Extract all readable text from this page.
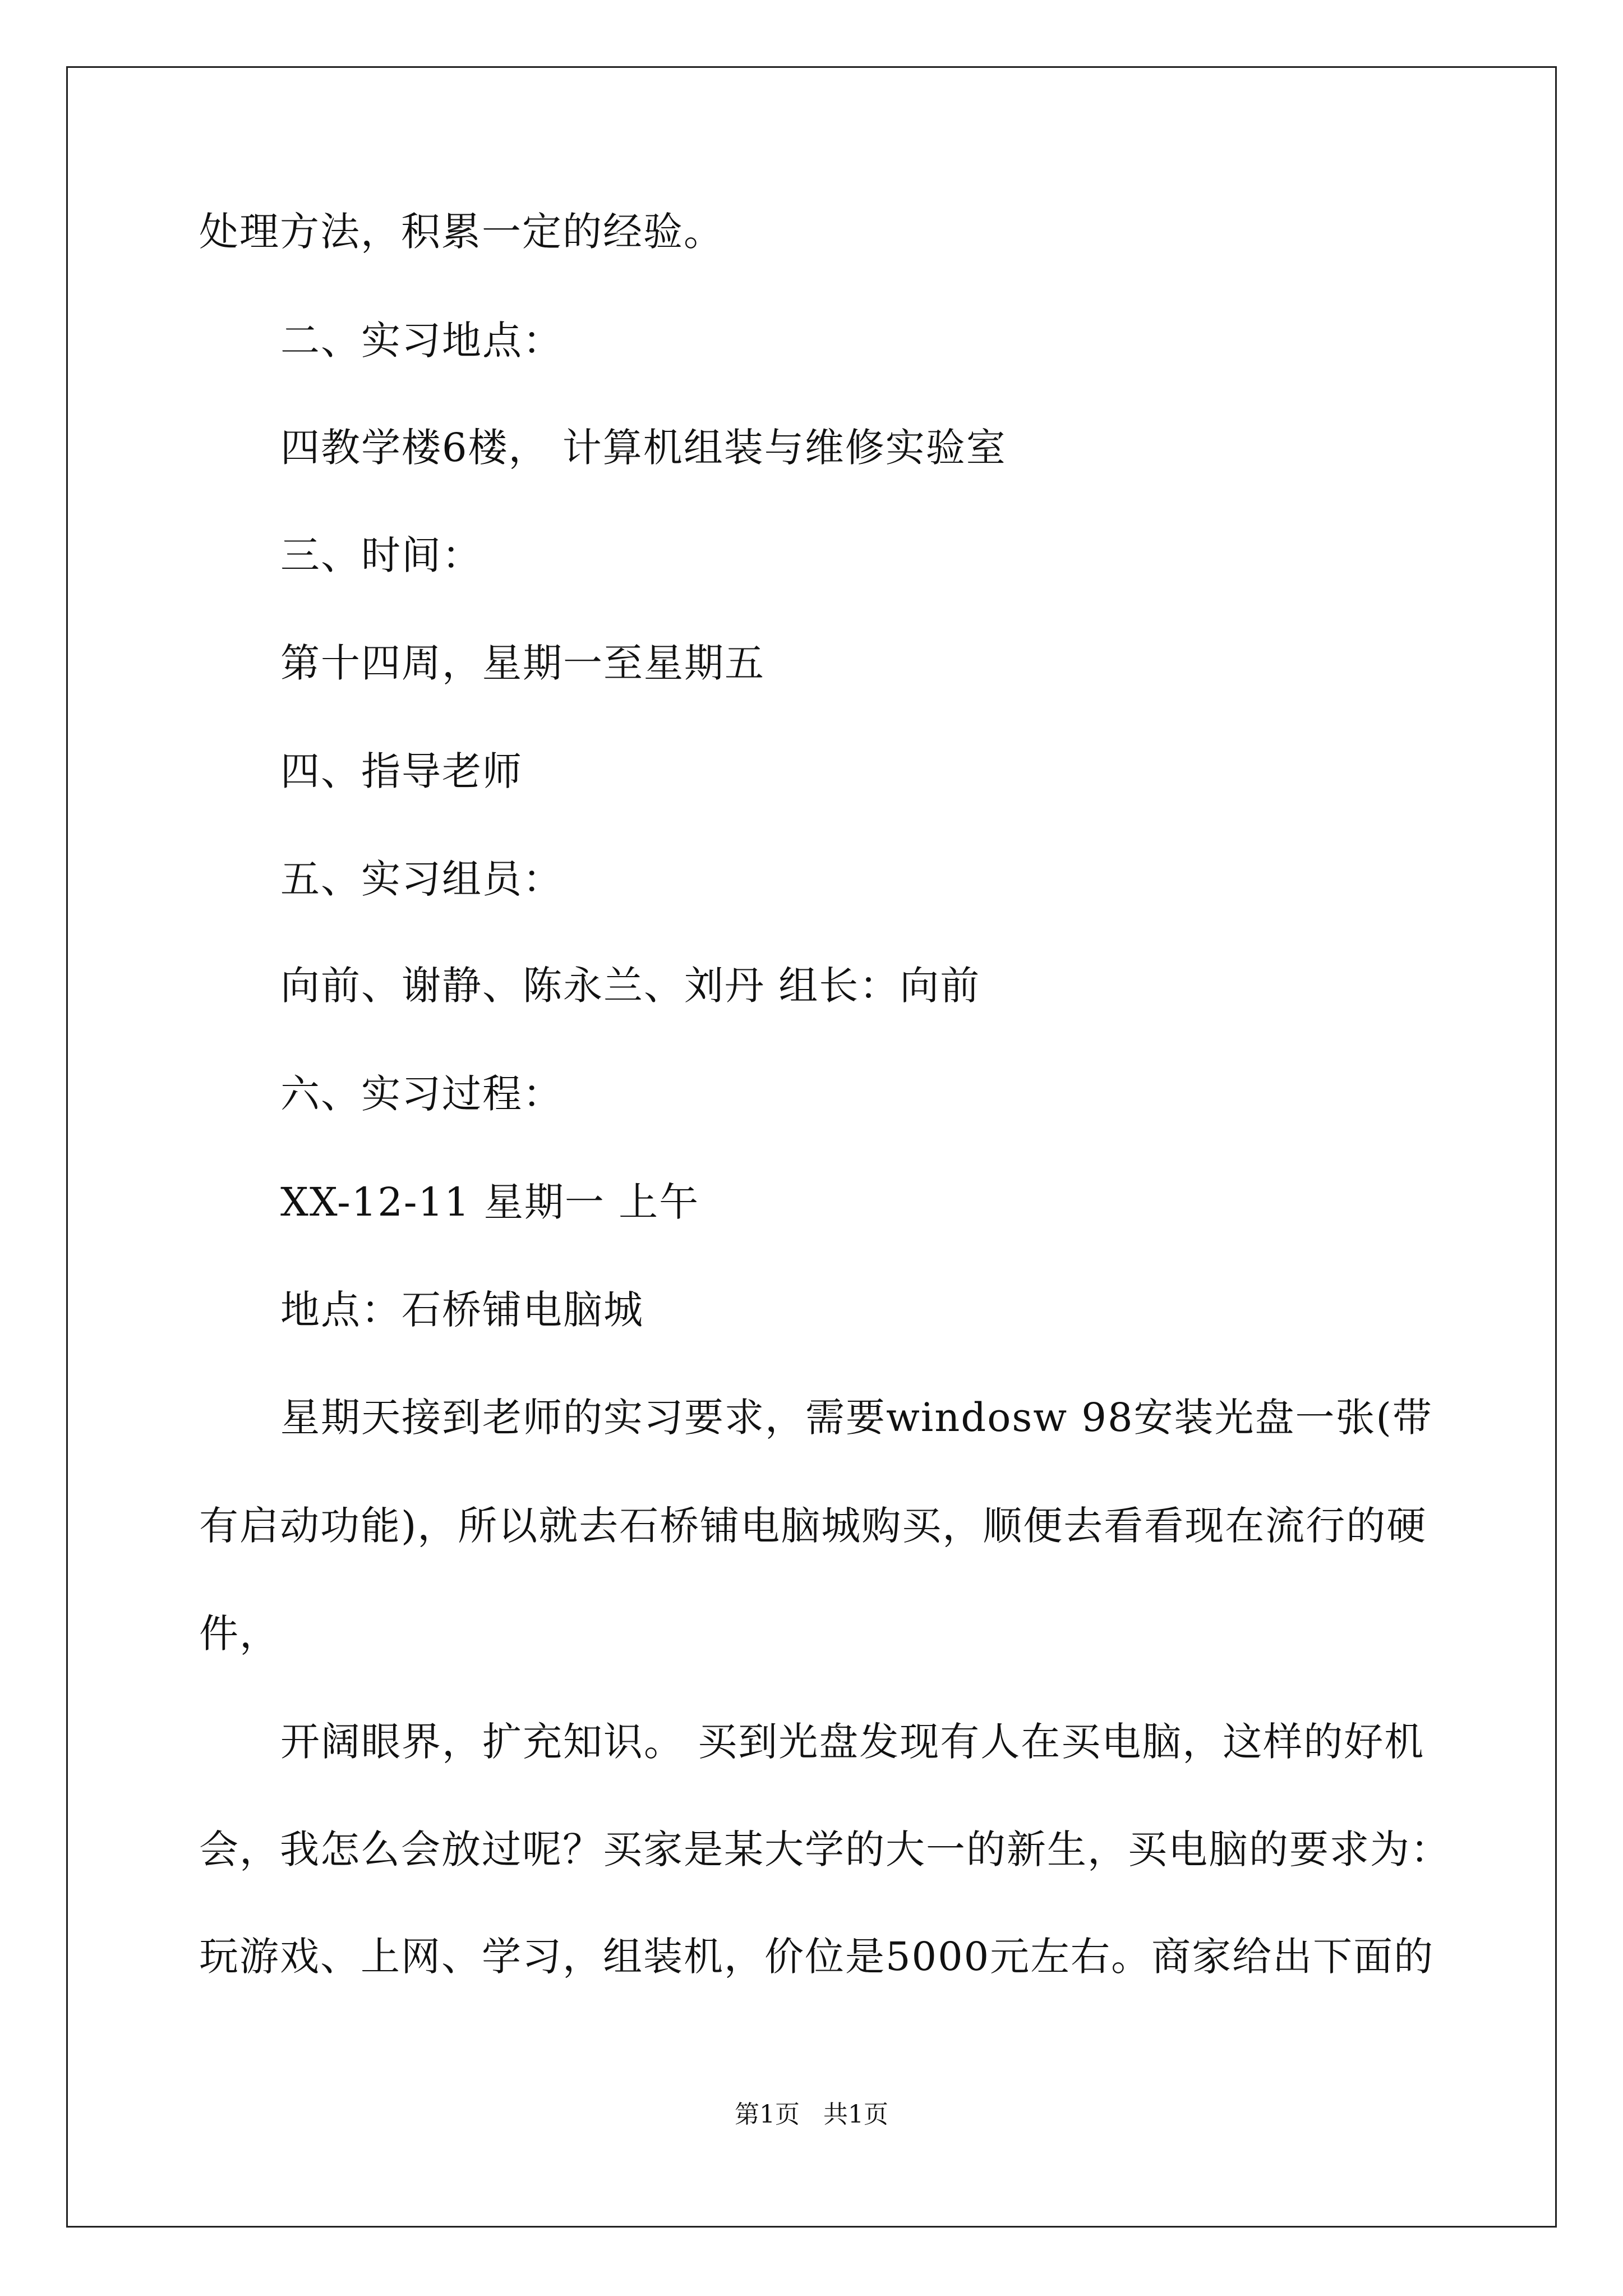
处理方法，积累一定的经验。
二、实习地点：
四教学楼6楼， 计算机组装与维修实验室
三、时间：
第十四周，星期一至星期五
四、指导老师
五、实习组员：
向前、谢静、陈永兰、刘丹 组长：向前
六、实习过程：
XX-12-11 星期一 上午
地点：石桥铺电脑城
星期天接到老师的实习要求，需要windosw 98安装光盘一张(带
有启动功能)，所以就去石桥铺电脑城购买，顺便去看看现在流行的硬
件，
开阔眼界，扩充知识。 买到光盘发现有人在买电脑，这样的好机
会，我怎么会放过呢？买家是某大学的大一的新生，买电脑的要求为：
玩游戏、上网、学习，组装机，价位是5000元左右。商家给出下面的
第1页   共1页
